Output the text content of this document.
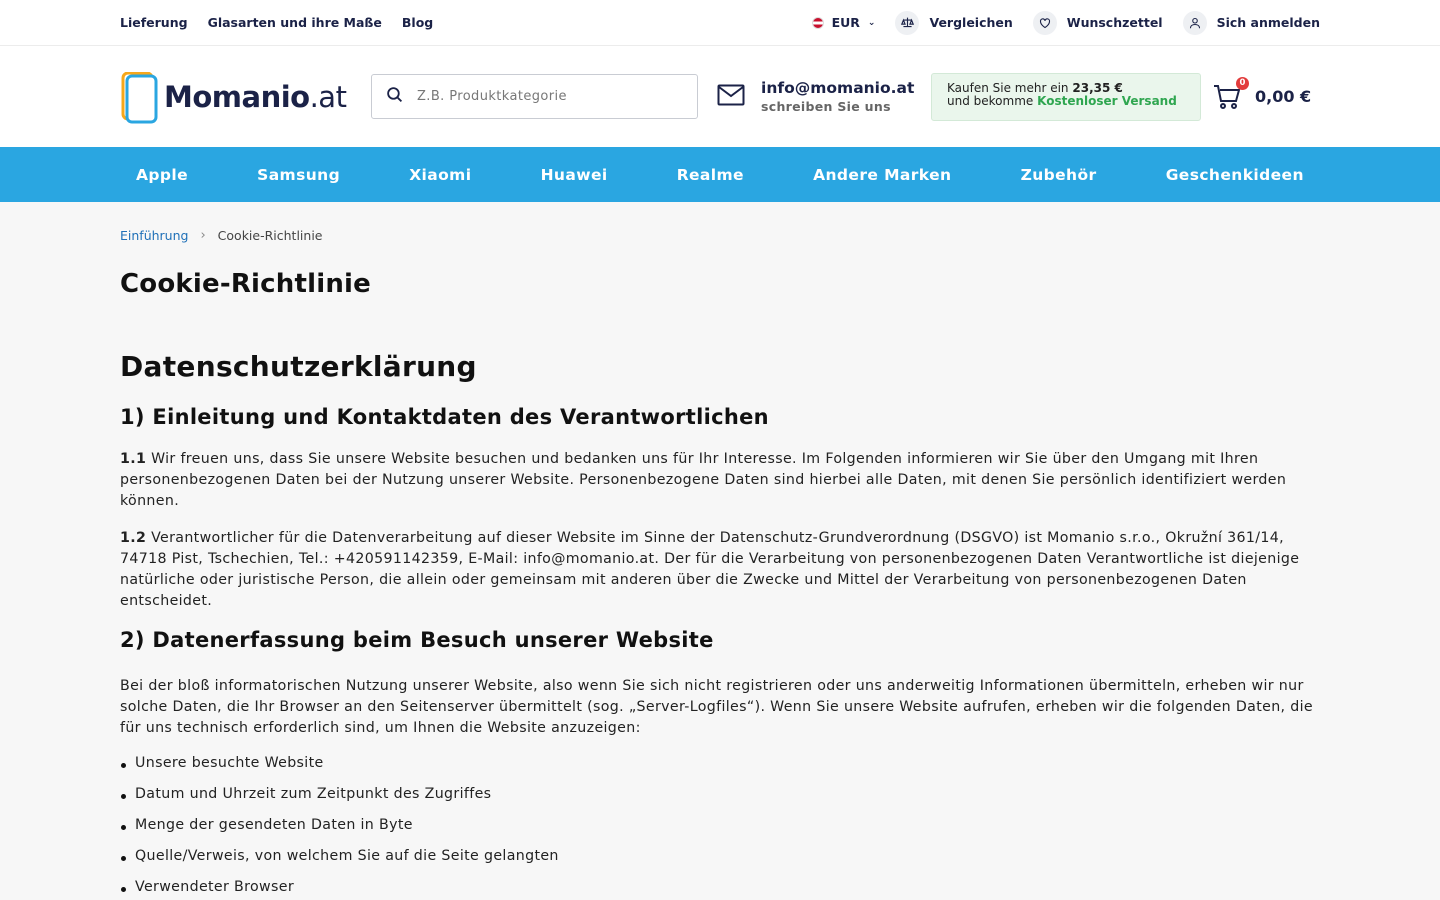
Lieferung Glasarten und ihre Maße Blog	EUR ⌄	Vergleichen	Wunschzettel	Sich anmelden
Momanio.at
Z.B. Produktkategorie	info@momanio.at
schreiben Sie uns
Kaufen Sie mehr ein 23,35 €
und bekomme Kostenloser Versand
0
0,00 €
Apple	Samsung	Xiaomi	Huawei	Realme	Andere Marken	Zubehör	Geschenkideen
Einführung › Cookie-Richtlinie
Cookie-Richtlinie
Datenschutzerklärung
1) Einleitung und Kontaktdaten des Verantwortlichen

1.1 Wir freuen uns, dass Sie unsere Website besuchen und bedanken uns für Ihr Interesse. Im Folgenden informieren wir Sie über den Umgang mit Ihren personenbezogenen Daten bei der Nutzung unserer Website. Personenbezogene Daten sind hierbei alle Daten, mit denen Sie persönlich identifiziert werden können.

1.2 Verantwortlicher für die Datenverarbeitung auf dieser Website im Sinne der Datenschutz-Grundverordnung (DSGVO) ist Momanio s.r.o., Okružní 361/14, 74718 Pist, Tschechien, Tel.: +420591142359, E-Mail: info@momanio.at. Der für die Verarbeitung von personenbezogenen Daten Verantwortliche ist diejenige natürliche oder juristische Person, die allein oder gemeinsam mit anderen über die Zwecke und Mittel der Verarbeitung von personenbezogenen Daten entscheidet.

2) Datenerfassung beim Besuch unserer Website

Bei der bloß informatorischen Nutzung unserer Website, also wenn Sie sich nicht registrieren oder uns anderweitig Informationen übermitteln, erheben wir nur solche Daten, die Ihr Browser an den Seitenserver übermittelt (sog. „Server-Logfiles“). Wenn Sie unsere Website aufrufen, erheben wir die folgenden Daten, die für uns technisch erforderlich sind, um Ihnen die Website anzuzeigen:

Unsere besuchte Website
Datum und Uhrzeit zum Zeitpunkt des Zugriffes
Menge der gesendeten Daten in Byte
Quelle/Verweis, von welchem Sie auf die Seite gelangten
Verwendeter Browser
